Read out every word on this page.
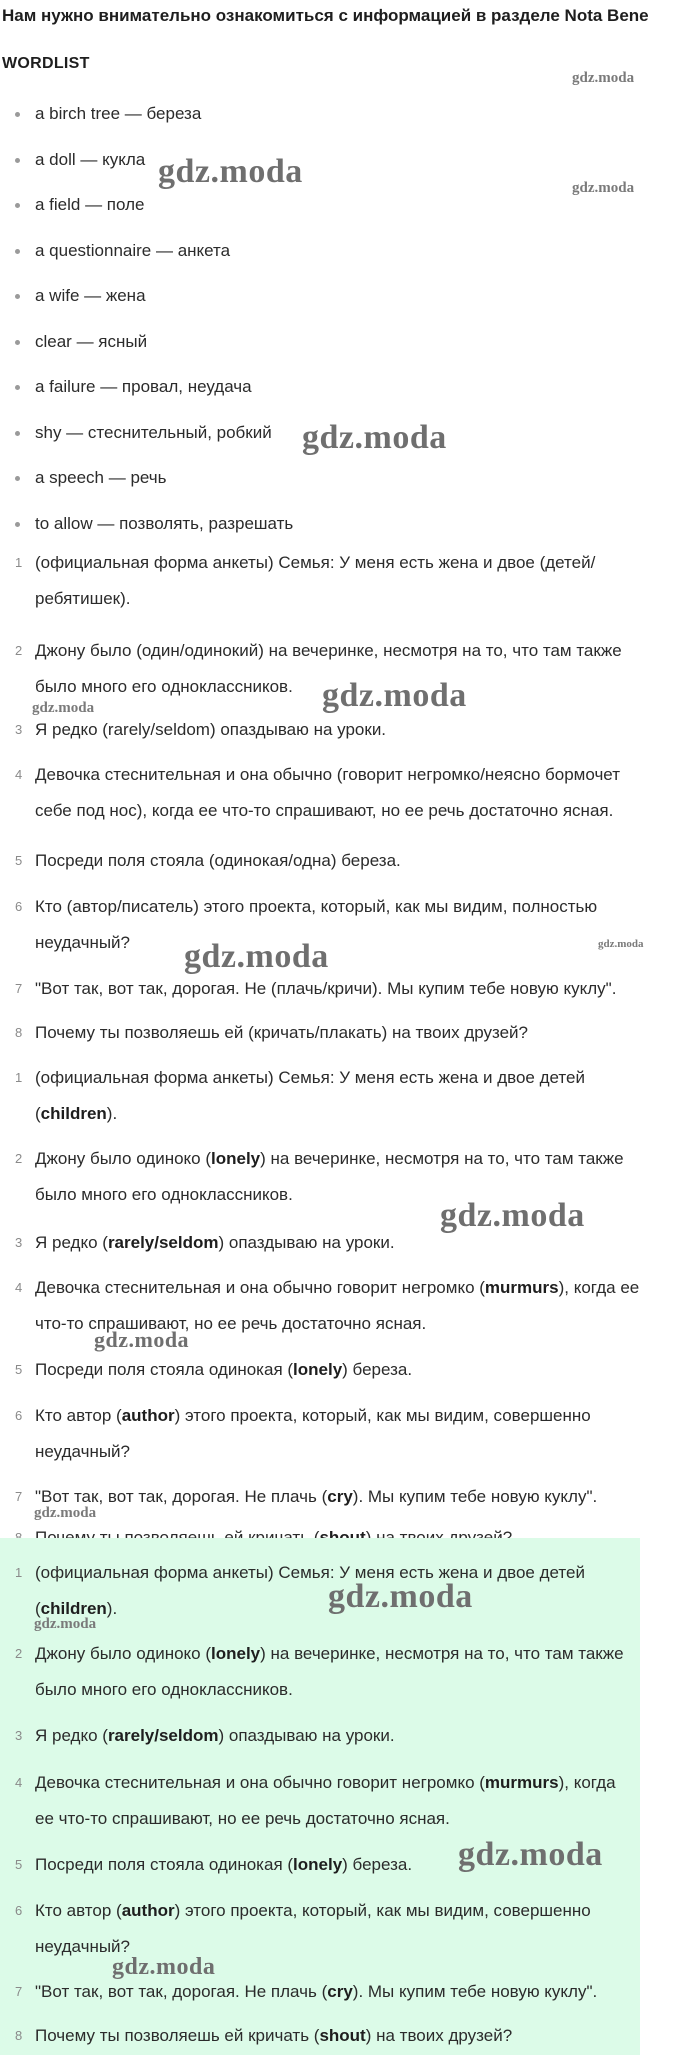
Нам нужно внимательно ознакомиться с информацией в разделе Nota Bene
WORDLIST
a birch tree — береза
a doll — кукла
a field — поле
a questionnaire — анкета
a wife — жена
clear — ясный
a failure — провал, неудача
shy — стеснительный, робкий
a speech — речь
to allow — позволять, разрешать
1 (официальная форма анкеты) Семья: У меня есть жена и двое (детей/ ребятишек).
2 Джону было (один/одинокий) на вечеринке, несмотря на то, что там также было много его одноклассников.
3 Я редко (rarely/seldom) опаздываю на уроки.
4 Девочка стеснительная и она обычно (говорит негромко/неясно бормочет себе под нос), когда ее что-то спрашивают, но ее речь достаточно ясная.
5 Посреди поля стояла (одинокая/одна) береза.
6 Кто (автор/писатель) этого проекта, который, как мы видим, полностью неудачный?
7 "Вот так, вот так, дорогая. Не (плачь/кричи). Мы купим тебе новую куклу".
8 Почему ты позволяешь ей (кричать/плакать) на твоих друзей?
1 (официальная форма анкеты) Семья: У меня есть жена и двое детей (children).
2 Джону было одиноко (lonely) на вечеринке, несмотря на то, что там также было много его одноклассников.
3 Я редко (rarely/seldom) опаздываю на уроки.
4 Девочка стеснительная и она обычно говорит негромко (murmurs), когда ее что-то спрашивают, но ее речь достаточно ясная.
5 Посреди поля стояла одинокая (lonely) береза.
6 Кто автор (author) этого проекта, который, как мы видим, совершенно неудачный?
7 "Вот так, вот так, дорогая. Не плачь (cry). Мы купим тебе новую куклу".
1 (официальная форма анкеты) Семья: У меня есть жена и двое детей (children).
2 Джону было одиноко (lonely) на вечеринке, несмотря на то, что там также было много его одноклассников.
3 Я редко (rarely/seldom) опаздываю на уроки.
4 Девочка стеснительная и она обычно говорит негромко (murmurs), когда ее что-то спрашивают, но ее речь достаточно ясная.
5 Посреди поля стояла одинокая (lonely) береза.
6 Кто автор (author) этого проекта, который, как мы видим, совершенно неудачный?
7 "Вот так, вот так, дорогая. Не плачь (cry). Мы купим тебе новую куклу".
8 Почему ты позволяешь ей кричать (shout) на твоих друзей?
gdz.moda
gdz.moda	gdz.moda
gdz.moda
gdz.moda
gdz.moda
gdz.moda	gdz.moda
gdz.moda
gdz.moda
gdz.moda
gdz.moda
gdz.moda
gdz.moda
gdz.moda
